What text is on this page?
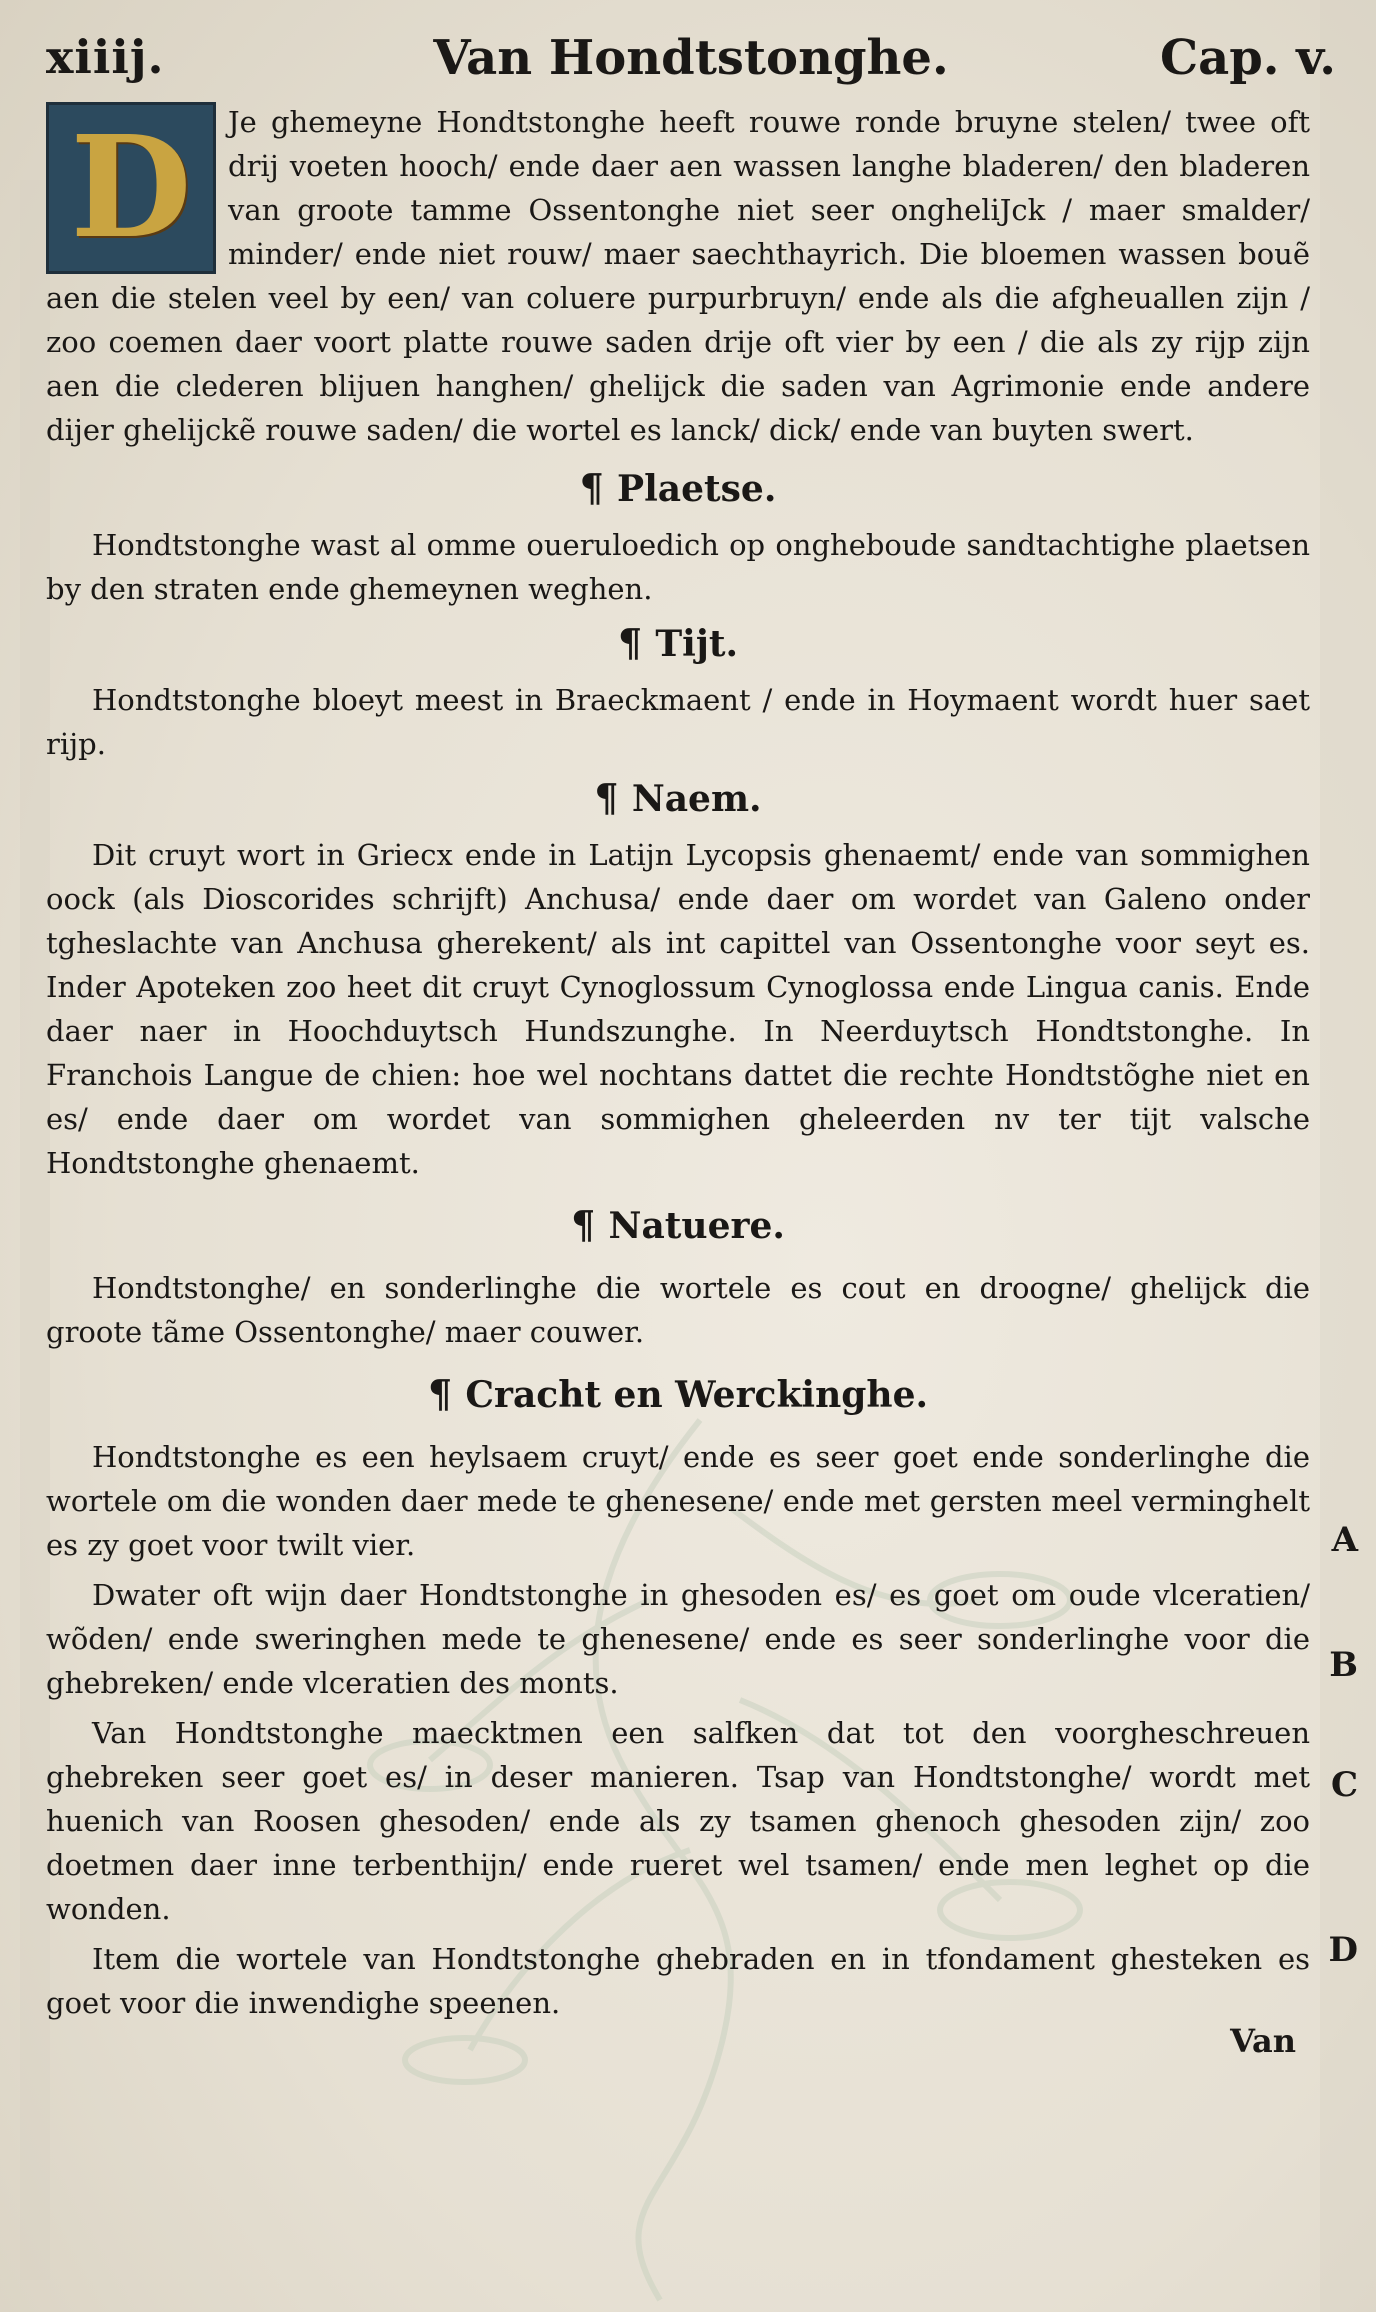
xiiij.	Van Hondtstonghe.	Cap. v.

D	Je ghemeyne Hondtstonghe heeft rouwe ronde bruyne stelen/ twee oft drij voeten hooch/ ende daer aen wassen langhe bladeren/ den bladeren van groote tamme Ossentonghe niet seer ongheliJck / maer smalder/ minder/ ende niet rouw/ maer saechthayrich. Die bloemen wassen bouẽ aen die stelen veel by een/ van coluere purpurbruyn/ ende als die afgheuallen zijn / zoo coemen daer voort platte rouwe saden drije oft vier by een / die als zy rijp zijn aen die clederen blijuen hanghen/ ghelijck die saden van Agrimonie ende andere dijer ghelijckẽ rouwe saden/ die wortel es lanck/ dick/ ende van buyten swert.

¶ Plaetse.

Hondtstonghe wast al omme oueruloedich op ongheboude sandtachtighe plaetsen by den straten ende ghemeynen weghen.

¶ Tijt.

Hondtstonghe bloeyt meest in Braeckmaent / ende in Hoymaent wordt huer saet rijp.

¶ Naem.

Dit cruyt wort in Griecx ende in Latijn Lycopsis ghenaemt/ ende van sommighen oock (als Dioscorides schrijft) Anchusa/ ende daer om wordet van Galeno onder tgheslachte van Anchusa gherekent/ als int capittel van Ossentonghe voor seyt es. Inder Apoteken zoo heet dit cruyt Cynoglossum Cynoglossa ende Lingua canis. Ende daer naer in Hoochduytsch Hundszunghe. In Neerduytsch Hondtstonghe. In Franchois Langue de chien: hoe wel nochtans dattet die rechte Hondtstõghe niet en es/ ende daer om wordet van sommighen gheleerden nv ter tijt valsche Hondtstonghe ghenaemt.

¶ Natuere.

Hondtstonghe/ en sonderlinghe die wortele es cout en droogne/ ghelijck die groote tãme Ossentonghe/ maer couwer.

¶ Cracht en Werckinghe.

Hondtstonghe es een heylsaem cruyt/ ende es seer goet ende sonderlinghe die wortele om die wonden daer mede te ghenesene/ ende met gersten meel verminghelt es zy goet voor twilt vier.

Dwater oft wijn daer Hondtstonghe in ghesoden es/ es goet om oude vlceratien/ wõden/ ende sweringhen mede te ghenesene/ ende es seer sonderlinghe voor die ghebreken/ ende vlceratien des monts.

Van Hondtstonghe maecktmen een salfken dat tot den voorgheschreuen ghebreken seer goet es/ in deser manieren. Tsap van Hondtstonghe/ wordt met huenich van Roosen ghesoden/ ende als zy tsamen ghenoch ghesoden zijn/ zoo doetmen daer inne terbenthijn/ ende rueret wel tsamen/ ende men leghet op die wonden.

Item die wortele van Hondtstonghe ghebraden en in tfondament ghesteken es goet voor die inwendighe speenen.

A
B
C
D
Van
